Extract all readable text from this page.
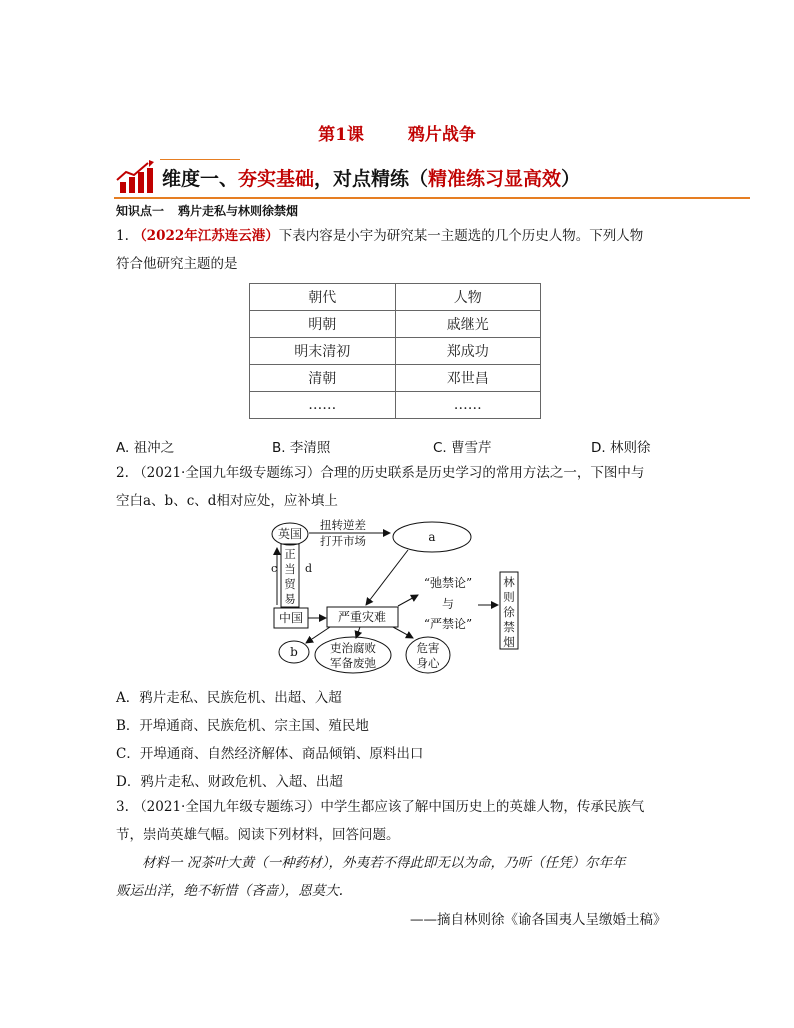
第1课	鸦片战争
维度一、夯实基础，对点精练（精准练习显高效）
知识点一 鸦片走私与林则徐禁烟
1. （2022年江苏连云港）下表内容是小宇为研究某一主题选的几个历史人物。下列人物
符合他研究主题的是
朝代	人物
明朝	戚继光
明末清初	郑成功
清朝	邓世昌
……	……
A. 祖冲之	B. 李清照	C. 曹雪芹	D. 林则徐
2. （2021·全国九年级专题练习）合理的历史联系是历史学习的常用方法之一，下图中与
空白a、b、c、d相对应处，应补填上
英国
扭转逆差
打开市场	a
正
当
贸
易
c	d
中国	严重灾难
“弛禁论”
与
“严禁论”
林
则
徐
禁
烟
b	吏治腐败
军备废弛
危害
身心
A．鸦片走私、民族危机、出超、入超
B．开埠通商、民族危机、宗主国、殖民地
C．开埠通商、自然经济解体、商品倾销、原料出口
D．鸦片走私、财政危机、入超、出超
3. （2021·全国九年级专题练习）中学生都应该了解中国历史上的英雄人物，传承民族气
节，崇尚英雄气幅。阅读下列材料，回答问题。
材料一 况茶叶大黄（一种药材），外夷若不得此即无以为命，乃听（任凭）尔年年
贩运出洋，绝不斩惜（吝啬），恩莫大.
——摘自林则徐《谕各国夷人呈缴婚土稿》
